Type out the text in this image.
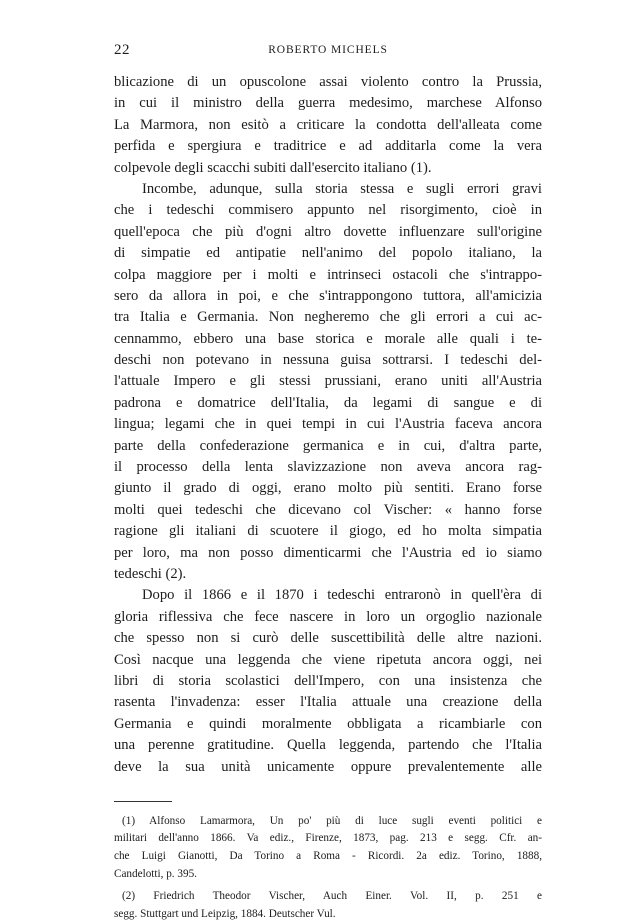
22	ROBERTO MICHELS
blicazione di un opuscolone assai violento contro la Prussia,
in cui il ministro della guerra medesimo, marchese Alfonso
La Marmora, non esitò a criticare la condotta dell'alleata come
perfida e spergiura e traditrice e ad additarla come la vera
colpevole degli scacchi subiti dall'esercito italiano (1).
Incombe, adunque, sulla storia stessa e sugli errori gravi
che i tedeschi commisero appunto nel risorgimento, cioè in
quell'epoca che più d'ogni altro dovette influenzare sull'origine
di simpatie ed antipatie nell'animo del popolo italiano, la
colpa maggiore per i molti e intrinseci ostacoli che s'intrappo-
sero da allora in poi, e che s'intrappongono tuttora, all'amicizia
tra Italia e Germania. Non negheremo che gli errori a cui ac-
cennammo, ebbero una base storica e morale alle quali i te-
deschi non potevano in nessuna guisa sottrarsi. I tedeschi del-
l'attuale Impero e gli stessi prussiani, erano uniti all'Austria
padrona e domatrice dell'Italia, da legami di sangue e di
lingua; legami che in quei tempi in cui l'Austria faceva ancora
parte della confederazione germanica e in cui, d'altra parte,
il processo della lenta slavizzazione non aveva ancora rag-
giunto il grado di oggi, erano molto più sentiti. Erano forse
molti quei tedeschi che dicevano col Vischer: « hanno forse
ragione gli italiani di scuotere il giogo, ed ho molta simpatia
per loro, ma non posso dimenticarmi che l'Austria ed io siamo
tedeschi (2).
Dopo il 1866 e il 1870 i tedeschi entraronò in quell'èra di
gloria riflessiva che fece nascere in loro un orgoglio nazionale
che spesso non si curò delle suscettibilità delle altre nazioni.
Così nacque una leggenda che viene ripetuta ancora oggi, nei
libri di storia scolastici dell'Impero, con una insistenza che
rasenta l'invadenza: esser l'Italia attuale una creazione della
Germania e quindi moralmente obbligata a ricambiarle con
una perenne gratitudine. Quella leggenda, partendo che l'Italia
deve la sua unità unicamente oppure prevalentemente alle
(1) Alfonso Lamarmora, Un po' più di luce sugli eventi politici e
militari dell'anno 1866. Va ediz., Firenze, 1873, pag. 213 e segg. Cfr. an-
che Luigi Gianotti, Da Torino a Roma - Ricordi. 2a ediz. Torino, 1888,
Candelotti, p. 395.
(2) Friedrich Theodor Vischer, Auch Einer. Vol. II, p. 251 e
segg. Stuttgart und Leipzig, 1884. Deutscher Vul.
